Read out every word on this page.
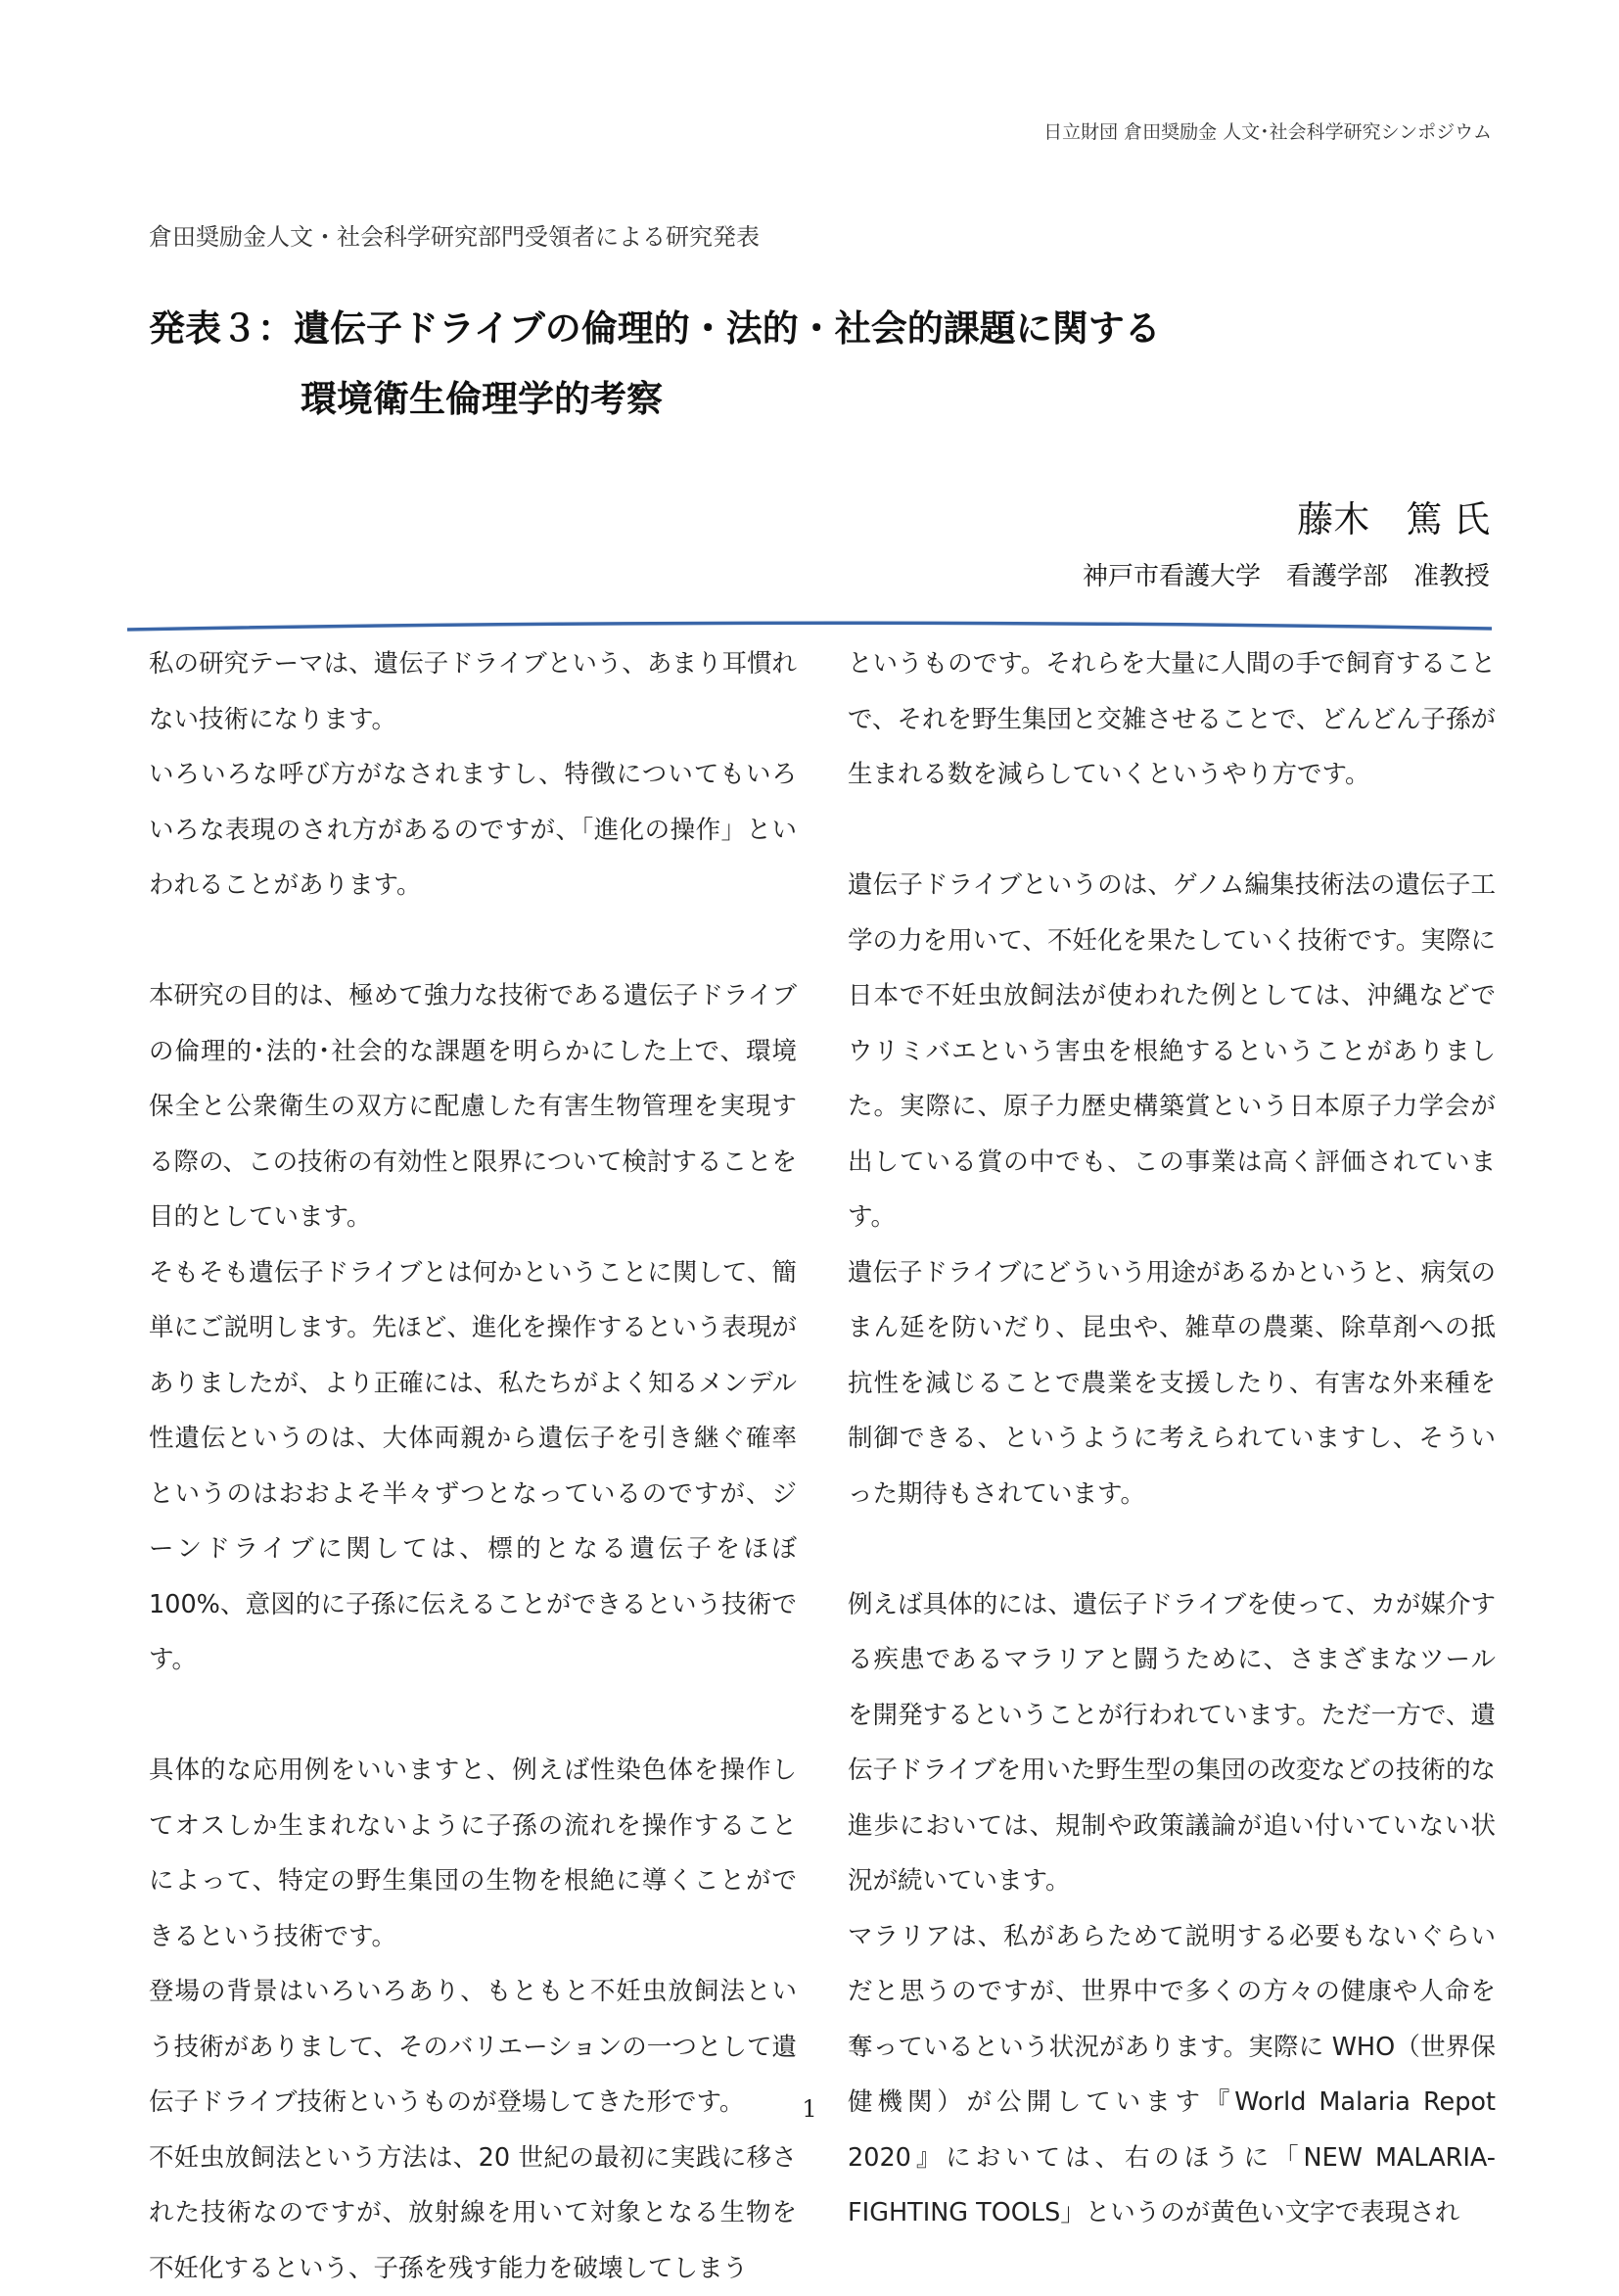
日立財団 倉田奨励金 人文･社会科学研究シンポジウム
倉田奨励金人文・社会科学研究部門受領者による研究発表
発表３：遺伝子ドライブの倫理的・法的・社会的課題に関する
環境衛生倫理学的考察
藤木　篤 氏
神戸市看護大学　看護学部　准教授

私の研究テーマは、遺伝子ドライブという、あまり耳慣れない技術になります。

いろいろな呼び方がなされますし、特徴についてもいろいろな表現のされ方があるのですが、「進化の操作」といわれることがあります。

本研究の目的は、極めて強力な技術である遺伝子ドライブの倫理的･法的･社会的な課題を明らかにした上で、環境保全と公衆衛生の双方に配慮した有害生物管理を実現する際の、この技術の有効性と限界について検討することを目的としています。

そもそも遺伝子ドライブとは何かということに関して、簡単にご説明します。先ほど、進化を操作するという表現がありましたが、より正確には、私たちがよく知るメンデル性遺伝というのは、大体両親から遺伝子を引き継ぐ確率というのはおおよそ半々ずつとなっているのですが、ジーンドライブに関しては、標的となる遺伝子をほぼ 100%、意図的に子孫に伝えることができるという技術です。

具体的な応用例をいいますと、例えば性染色体を操作してオスしか生まれないように子孫の流れを操作することによって、特定の野生集団の生物を根絶に導くことができるという技術です。

登場の背景はいろいろあり、もともと不妊虫放飼法という技術がありまして、そのバリエーションの一つとして遺伝子ドライブ技術というものが登場してきた形です。

不妊虫放飼法という方法は、20 世紀の最初に実践に移された技術なのですが、放射線を用いて対象となる生物を不妊化するという、子孫を残す能力を破壊してしまう

というものです。それらを大量に人間の手で飼育することで、それを野生集団と交雑させることで、どんどん子孫が生まれる数を減らしていくというやり方です。

遺伝子ドライブというのは、ゲノム編集技術法の遺伝子工学の力を用いて、不妊化を果たしていく技術です。実際に日本で不妊虫放飼法が使われた例としては、沖縄などでウリミバエという害虫を根絶するということがありました。実際に、原子力歴史構築賞という日本原子力学会が出している賞の中でも、この事業は高く評価されています。

遺伝子ドライブにどういう用途があるかというと、病気のまん延を防いだり、昆虫や、雑草の農薬、除草剤への抵抗性を減じることで農業を支援したり、有害な外来種を制御できる、というように考えられていますし、そういった期待もされています。

例えば具体的には、遺伝子ドライブを使って、カが媒介する疾患であるマラリアと闘うために、さまざまなツールを開発するということが行われています。ただ一方で、遺伝子ドライブを用いた野生型の集団の改変などの技術的な進歩においては、規制や政策議論が追い付いていない状況が続いています。

マラリアは、私があらためて説明する必要もないぐらいだと思うのですが、世界中で多くの方々の健康や人命を奪っているという状況があります。実際に WHO（世界保健機関）が公開しています『World Malaria Repot 2020』においては、右のほうに「NEW MALARIA-FIGHTING TOOLS」というのが黄色い文字で表現され

1
